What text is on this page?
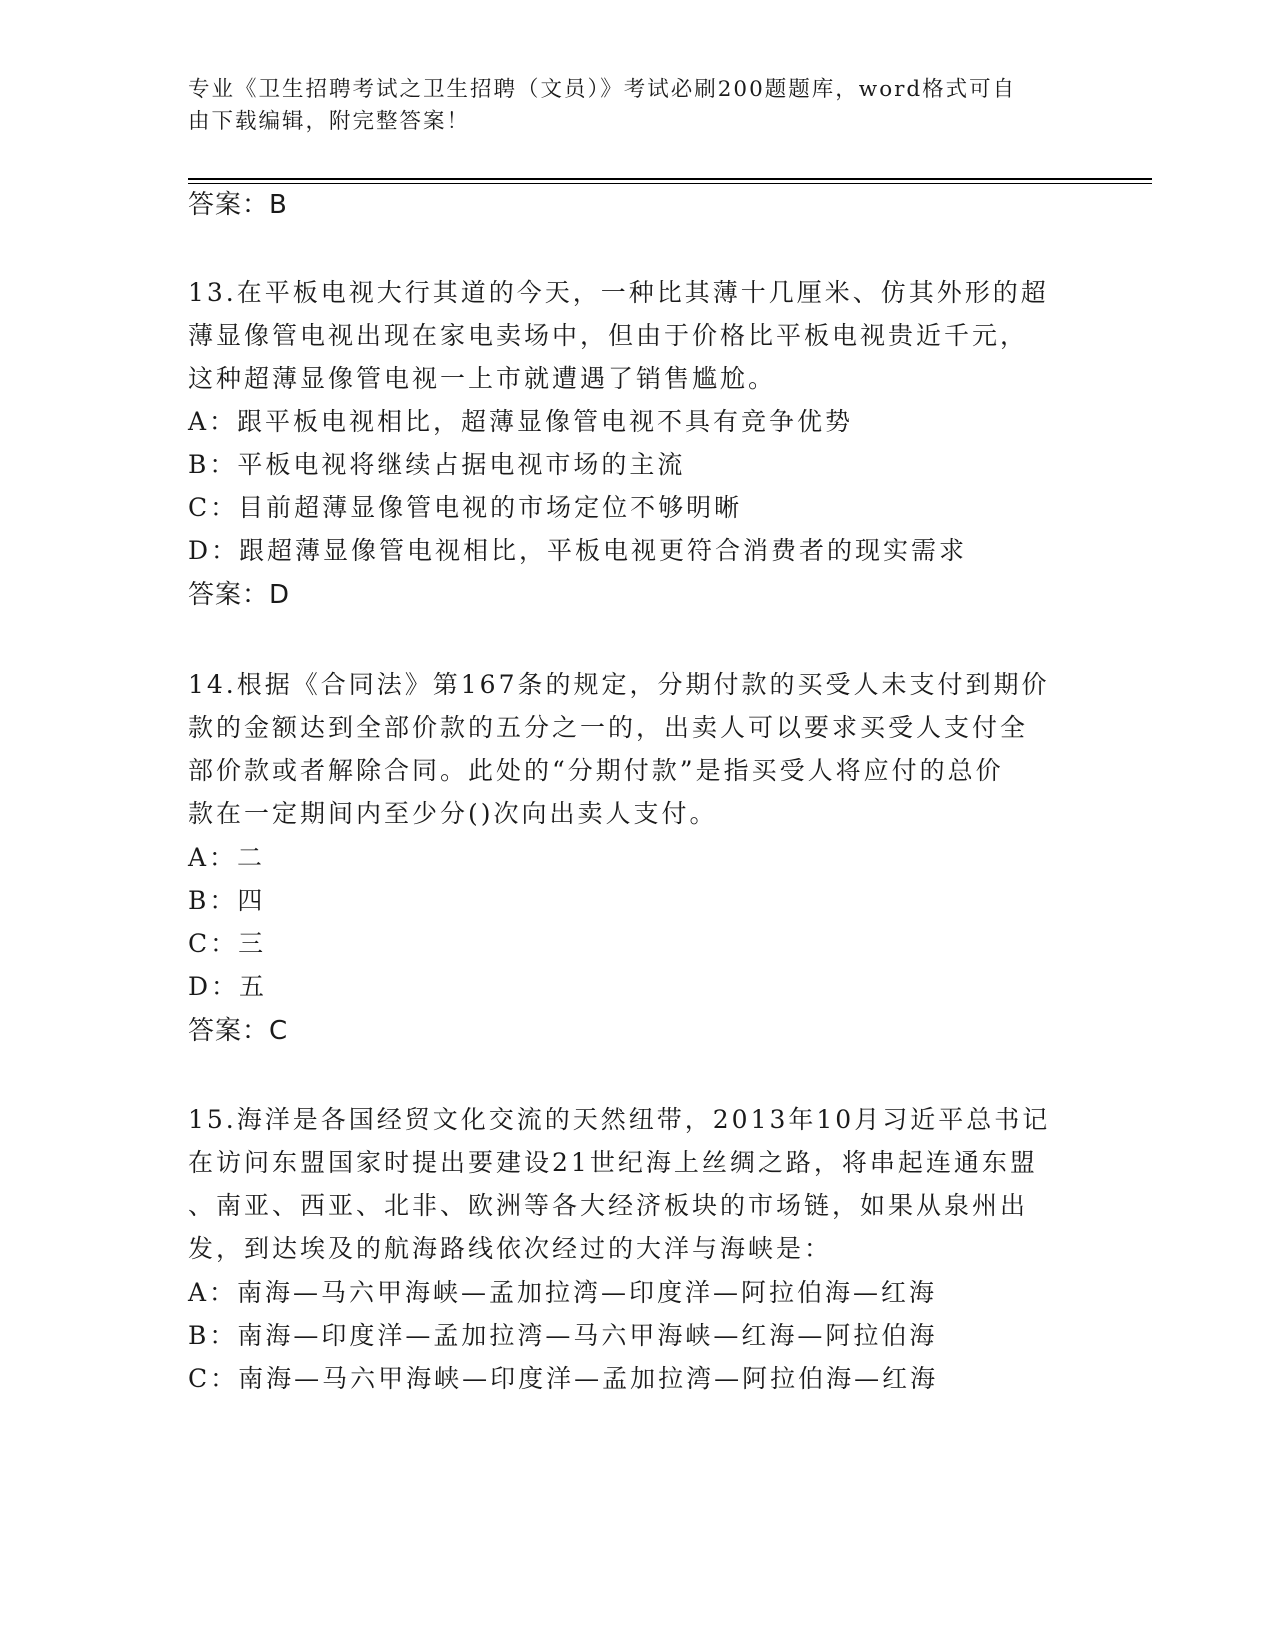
专业《卫生招聘考试之卫生招聘（文员）》考试必刷200题题库，word格式可自
由下载编辑，附完整答案！
答案：B
13.在平板电视大行其道的今天，一种比其薄十几厘米、仿其外形的超
薄显像管电视出现在家电卖场中，但由于价格比平板电视贵近千元，
这种超薄显像管电视一上市就遭遇了销售尴尬。
A：跟平板电视相比，超薄显像管电视不具有竞争优势
B：平板电视将继续占据电视市场的主流
C：目前超薄显像管电视的市场定位不够明晰
D：跟超薄显像管电视相比，平板电视更符合消费者的现实需求
答案：D
14.根据《合同法》第167条的规定，分期付款的买受人未支付到期价
款的金额达到全部价款的五分之一的，出卖人可以要求买受人支付全
部价款或者解除合同。此处的“分期付款”是指买受人将应付的总价
款在一定期间内至少分()次向出卖人支付。
A：二
B：四
C：三
D：五
答案：C
15.海洋是各国经贸文化交流的天然纽带，2013年10月习近平总书记
在访问东盟国家时提出要建设21世纪海上丝绸之路，将串起连通东盟
、南亚、西亚、北非、欧洲等各大经济板块的市场链，如果从泉州出
发，到达埃及的航海路线依次经过的大洋与海峡是：
A：南海—马六甲海峡—孟加拉湾—印度洋—阿拉伯海—红海
B：南海—印度洋—孟加拉湾—马六甲海峡—红海—阿拉伯海
C：南海—马六甲海峡—印度洋—孟加拉湾—阿拉伯海—红海
